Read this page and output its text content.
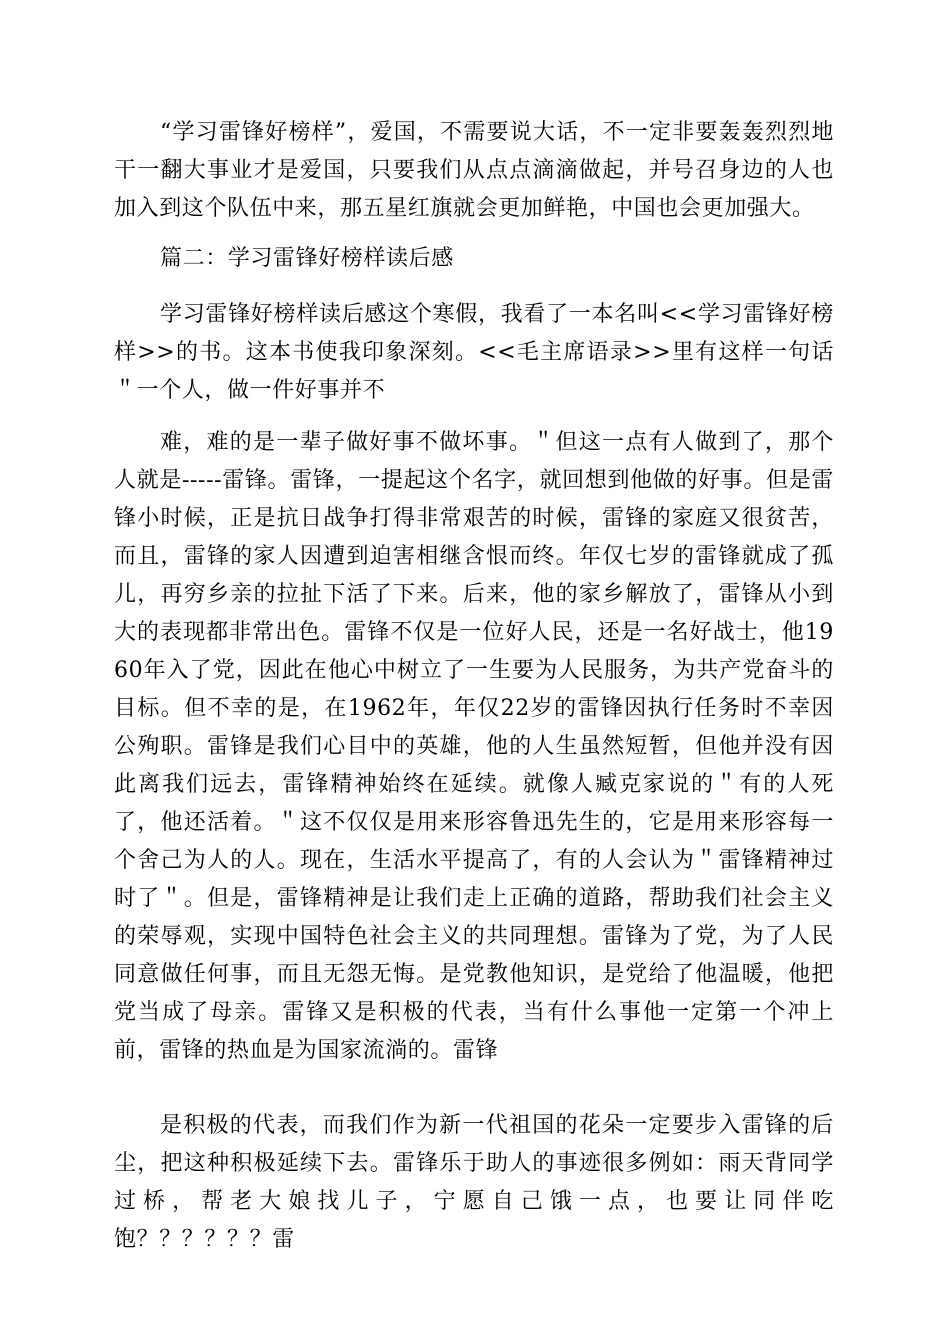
“学习雷锋好榜样”，爱国，不需要说大话，不一定非要轰轰烈烈地干一翻大事业才是爱国，只要我们从点点滴滴做起，并号召身边的人也加入到这个队伍中来，那五星红旗就会更加鲜艳，中国也会更加强大。

篇二：学习雷锋好榜样读后感

学习雷锋好榜样读后感这个寒假，我看了一本名叫<<学习雷锋好榜样>>的书。这本书使我印象深刻。<<毛主席语录>>里有这样一句话＂一个人，做一件好事并不

难，难的是一辈子做好事不做坏事。＂但这一点有人做到了，那个人就是-----雷锋。雷锋，一提起这个名字，就回想到他做的好事。但是雷锋小时候，正是抗日战争打得非常艰苦的时候，雷锋的家庭又很贫苦，而且，雷锋的家人因遭到迫害相继含恨而终。年仅七岁的雷锋就成了孤儿，再穷乡亲的拉扯下活了下来。后来，他的家乡解放了，雷锋从小到大的表现都非常出色。雷锋不仅是一位好人民，还是一名好战士，他1960年入了党，因此在他心中树立了一生要为人民服务，为共产党奋斗的目标。但不幸的是，在1962年，年仅22岁的雷锋因执行任务时不幸因公殉职。雷锋是我们心目中的英雄，他的人生虽然短暂，但他并没有因此离我们远去，雷锋精神始终在延续。就像人臧克家说的＂有的人死了，他还活着。＂这不仅仅是用来形容鲁迅先生的，它是用来形容每一个舍己为人的人。现在，生活水平提高了，有的人会认为＂雷锋精神过时了＂。但是，雷锋精神是让我们走上正确的道路，帮助我们社会主义的荣辱观，实现中国特色社会主义的共同理想。雷锋为了党，为了人民同意做任何事，而且无怨无悔。是党教他知识，是党给了他温暖，他把党当成了母亲。雷锋又是积极的代表，当有什么事他一定第一个冲上前，雷锋的热血是为国家流淌的。雷锋

是积极的代表，而我们作为新一代祖国的花朵一定要步入雷锋的后尘，把这种积极延续下去。雷锋乐于助人的事迹很多例如：雨天背同学过桥，帮老大娘找儿子，宁愿自己饿一点，也要让同伴吃饱？？？？？？雷
